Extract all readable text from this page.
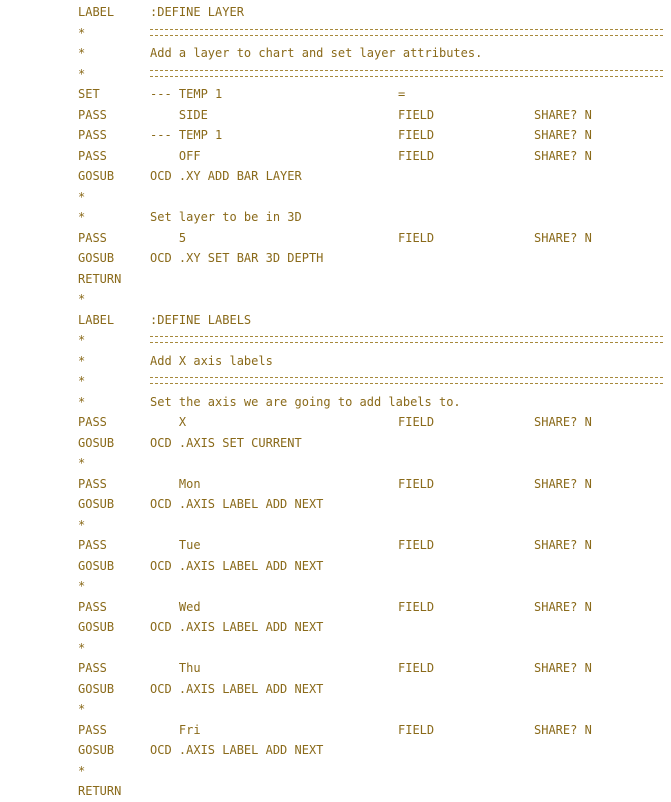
LABEL	:DEFINE LAYER
*
*	Add a layer to chart and set layer attributes.
*
SET	--- TEMP 1	=
PASS	SIDE	FIELD	SHARE? N
PASS	--- TEMP 1	FIELD	SHARE? N
PASS	OFF	FIELD	SHARE? N
GOSUB	OCD .XY ADD BAR LAYER
*
*	Set layer to be in 3D
PASS	5	FIELD	SHARE? N
GOSUB	OCD .XY SET BAR 3D DEPTH
RETURN
*
LABEL	:DEFINE LABELS
*
*	Add X axis labels
*
*	Set the axis we are going to add labels to.
PASS	X	FIELD	SHARE? N
GOSUB	OCD .AXIS SET CURRENT
*
PASS	Mon	FIELD	SHARE? N
GOSUB	OCD .AXIS LABEL ADD NEXT
*
PASS	Tue	FIELD	SHARE? N
GOSUB	OCD .AXIS LABEL ADD NEXT
*
PASS	Wed	FIELD	SHARE? N
GOSUB	OCD .AXIS LABEL ADD NEXT
*
PASS	Thu	FIELD	SHARE? N
GOSUB	OCD .AXIS LABEL ADD NEXT
*
PASS	Fri	FIELD	SHARE? N
GOSUB	OCD .AXIS LABEL ADD NEXT
*
RETURN
